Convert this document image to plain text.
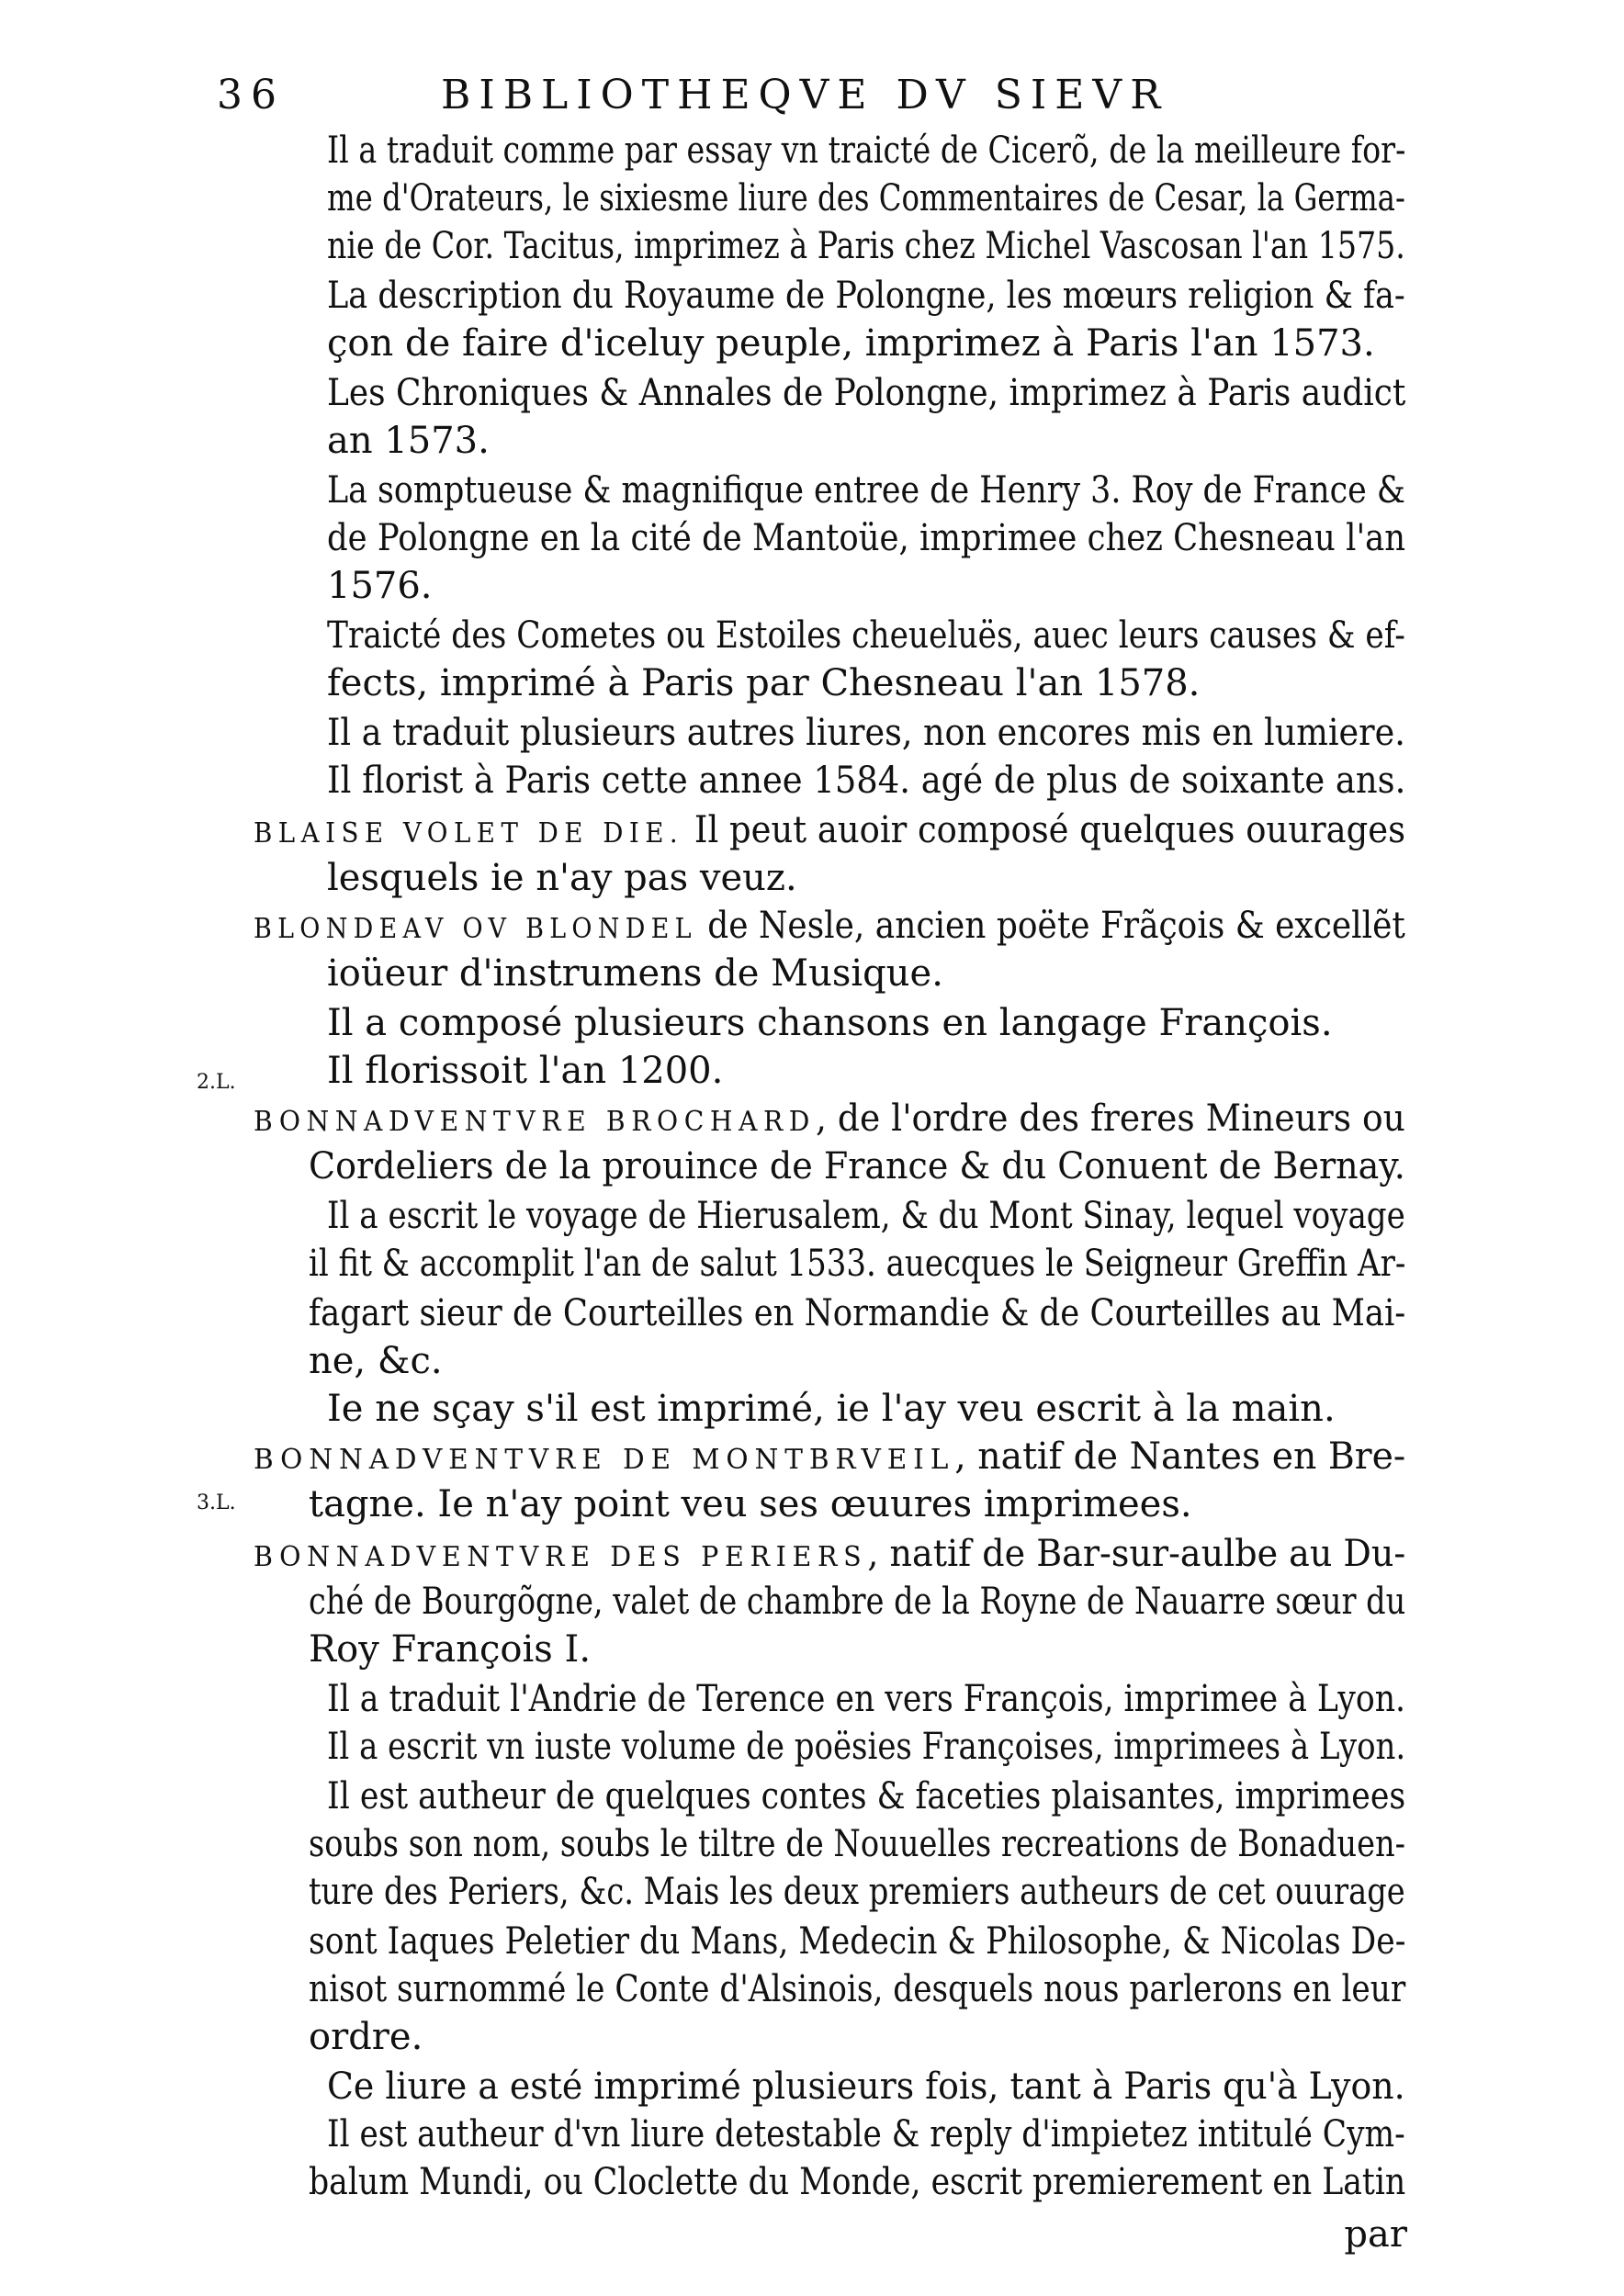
36	BIBLIOTHEQVE DV SIEVR
2.L.
3.L.
Il a traduit comme par essay vn traicté de Cicerõ, de la meilleure for-
me d'Orateurs, le sixiesme liure des Commentaires de Cesar, la Germa-
nie de Cor. Tacitus, imprimez à Paris chez Michel Vascosan l'an 1575.
La description du Royaume de Polongne, les mœurs religion & fa-
çon de faire d'iceluy peuple, imprimez à Paris l'an 1573.
Les Chroniques & Annales de Polongne, imprimez à Paris audict
an 1573.
La somptueuse & magnifique entree de Henry 3. Roy de France &
de Polongne en la cité de Mantoüe, imprimee chez Chesneau l'an
1576.
Traicté des Cometes ou Estoiles cheueluës, auec leurs causes & ef-
fects, imprimé à Paris par Chesneau l'an 1578.
Il a traduit plusieurs autres liures, non encores mis en lumiere.
Il florist à Paris cette annee 1584. agé de plus de soixante ans.
BLAISE VOLET DE DIE. Il peut auoir composé quelques ouurages
lesquels ie n'ay pas veuz.
BLONDEAV OV BLONDEL de Nesle, ancien poëte Frãçois & excellẽt
ioüeur d'instrumens de Musique.
Il a composé plusieurs chansons en langage François.
Il florissoit l'an 1200.
BONNADVENTVRE BROCHARD, de l'ordre des freres Mineurs ou
Cordeliers de la prouince de France & du Conuent de Bernay.
Il a escrit le voyage de Hierusalem, & du Mont Sinay, lequel voyage
il fit & accomplit l'an de salut 1533. auecques le Seigneur Greffin Ar-
fagart sieur de Courteilles en Normandie & de Courteilles au Mai-
ne, &c.
Ie ne sçay s'il est imprimé, ie l'ay veu escrit à la main.
BONNADVENTVRE DE MONTBRVEIL, natif de Nantes en Bre-
tagne. Ie n'ay point veu ses œuures imprimees.
BONNADVENTVRE DES PERIERS, natif de Bar-sur-aulbe au Du-
ché de Bourgõgne, valet de chambre de la Royne de Nauarre sœur du
Roy François I.
Il a traduit l'Andrie de Terence en vers François, imprimee à Lyon.
Il a escrit vn iuste volume de poësies Françoises, imprimees à Lyon.
Il est autheur de quelques contes & faceties plaisantes, imprimees
soubs son nom, soubs le tiltre de Nouuelles recreations de Bonaduen-
ture des Periers, &c. Mais les deux premiers autheurs de cet ouurage
sont Iaques Peletier du Mans, Medecin & Philosophe, & Nicolas De-
nisot surnommé le Conte d'Alsinois, desquels nous parlerons en leur
ordre.
Ce liure a esté imprimé plusieurs fois, tant à Paris qu'à Lyon.
Il est autheur d'vn liure detestable & reply d'impietez intitulé Cym-
balum Mundi, ou Cloclette du Monde, escrit premierement en Latin
par
